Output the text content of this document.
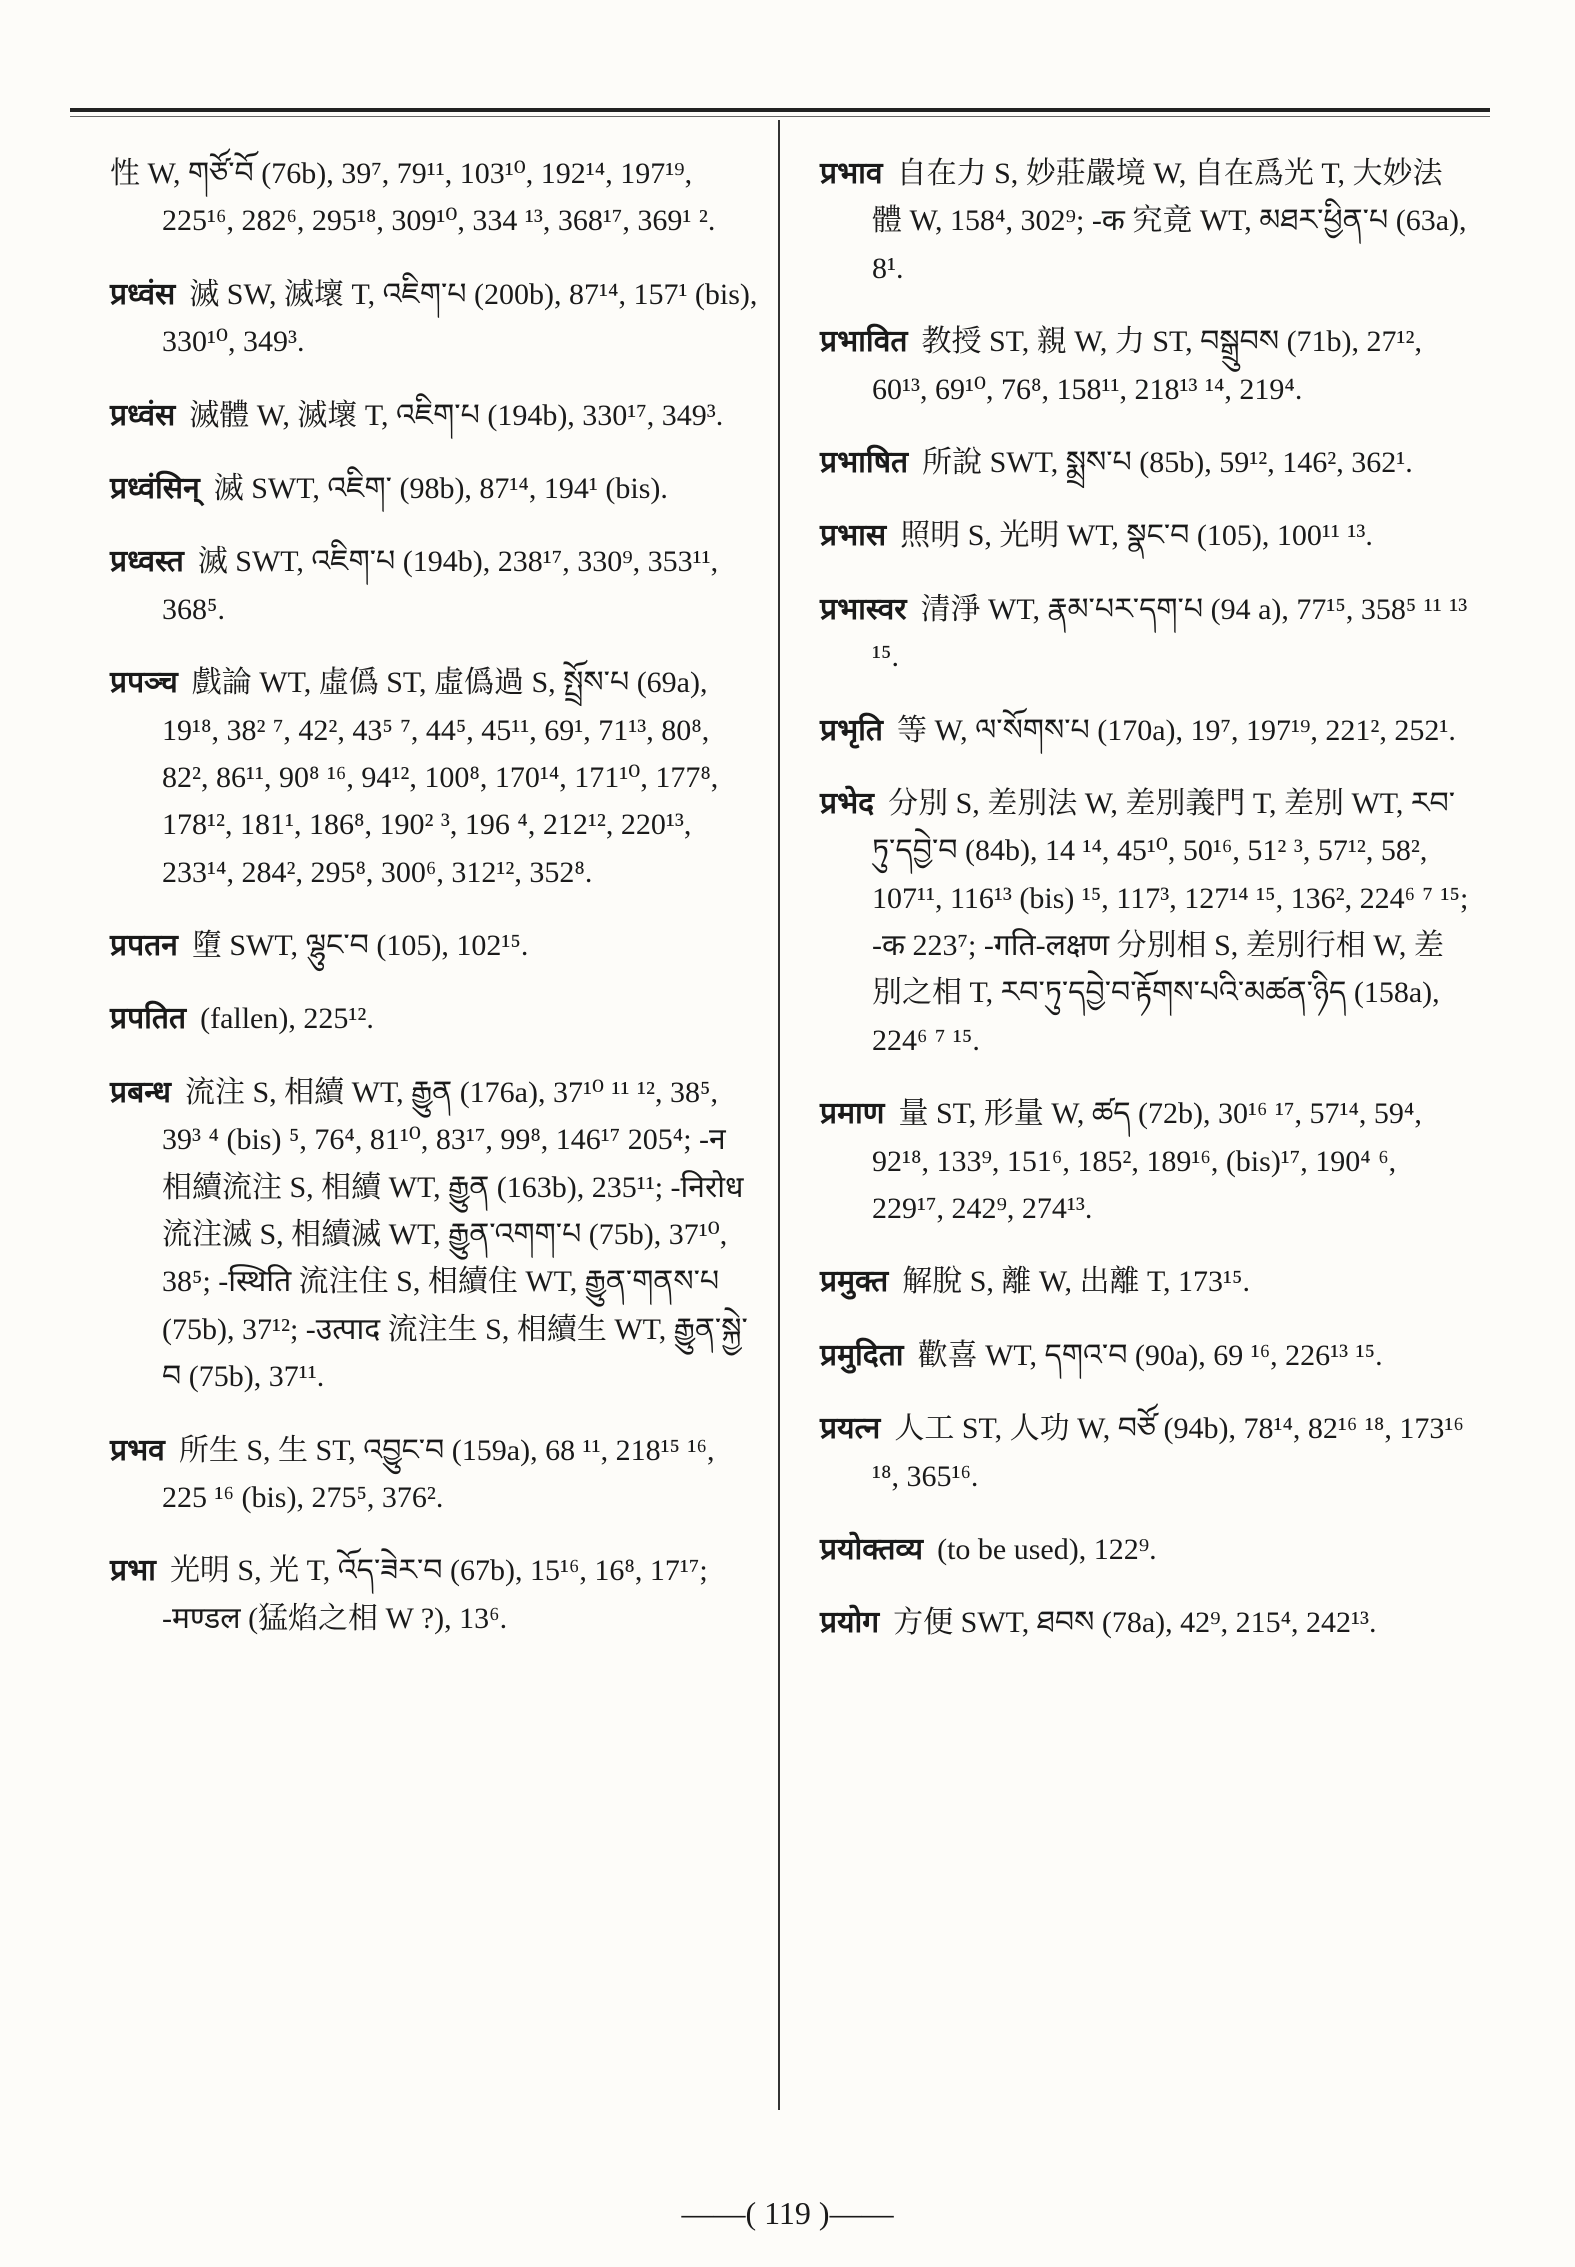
性 W, གཙོ་བོ (76b), 39⁷, 79¹¹, 103¹⁰, 192¹⁴, 197¹⁹, 225¹⁶, 282⁶, 295¹⁸, 309¹⁰, 334 ¹³, 368¹⁷, 369¹ ².
प्रध्वंस 滅 SW, 滅壞 T, འཇིག་པ (200b), 87¹⁴, 157¹ (bis), 330¹⁰, 349³.
प्रध्वंस 滅體 W, 滅壞 T, འཇིག་པ (194b), 330¹⁷, 349³.
प्रध्वंसिन् 滅 SWT, འཇིག་ (98b), 87¹⁴, 194¹ (bis).
प्रध्वस्त 滅 SWT, འཇིག་པ (194b), 238¹⁷, 330⁹, 353¹¹, 368⁵.
प्रपञ्च 戲論 WT, 虛僞 ST, 虛僞過 S, སྤྲོས་པ (69a), 19¹⁸, 38² ⁷, 42², 43⁵ ⁷, 44⁵, 45¹¹, 69¹, 71¹³, 80⁸, 82², 86¹¹, 90⁸ ¹⁶, 94¹², 100⁸, 170¹⁴, 171¹⁰, 177⁸, 178¹², 181¹, 186⁸, 190² ³, 196 ⁴, 212¹², 220¹³, 233¹⁴, 284², 295⁸, 300⁶, 312¹², 352⁸.
प्रपतन 墮 SWT, ལྷུང་བ (105), 102¹⁵.
प्रपतित (fallen), 225¹².
प्रबन्ध 流注 S, 相續 WT, རྒྱུན (176a), 37¹⁰ ¹¹ ¹², 38⁵, 39³ ⁴ (bis) ⁵, 76⁴, 81¹⁰, 83¹⁷, 99⁸, 146¹⁷ 205⁴; -न 相續流注 S, 相續 WT, རྒྱུན (163b), 235¹¹; -निरोध 流注滅 S, 相續滅 WT, རྒྱུན་འགག་པ (75b), 37¹⁰, 38⁵; -स्थिति 流注住 S, 相續住 WT, རྒྱུན་གནས་པ (75b), 37¹²; -उत्पाद 流注生 S, 相續生 WT, རྒྱུན་སྐྱེ་བ (75b), 37¹¹.
प्रभव 所生 S, 生 ST, འབྱུང་བ (159a), 68 ¹¹, 218¹⁵ ¹⁶, 225 ¹⁶ (bis), 275⁵, 376².
प्रभा 光明 S, 光 T, འོད་ཟེར་བ (67b), 15¹⁶, 16⁸, 17¹⁷; -मण्डल (猛焰之相 W ?), 13⁶.
प्रभाव 自在力 S, 妙莊嚴境 W, 自在爲光 T, 大妙法體 W, 158⁴, 302⁹; -क 究竟 WT, མཐར་ཕྱིན་པ (63a), 8¹.
प्रभावित 教授 ST, 親 W, 力 ST, བསྒྲུབས (71b), 27¹², 60¹³, 69¹⁰, 76⁸, 158¹¹, 218¹³ ¹⁴, 219⁴.
प्रभाषित 所說 SWT, སྨྲས་པ (85b), 59¹², 146², 362¹.
प्रभास 照明 S, 光明 WT, སྣང་བ (105), 100¹¹ ¹³.
प्रभास्वर 清淨 WT, རྣམ་པར་དག་པ (94 a), 77¹⁵, 358⁵ ¹¹ ¹³ ¹⁵.
प्रभृति 等 W, ལ་སོགས་པ (170a), 19⁷, 197¹⁹, 221², 252¹.
प्रभेद 分別 S, 差別法 W, 差別義門 T, 差別 WT, རབ་ཏུ་དབྱེ་བ (84b), 14 ¹⁴, 45¹⁰, 50¹⁶, 51² ³, 57¹², 58², 107¹¹, 116¹³ (bis) ¹⁵, 117³, 127¹⁴ ¹⁵, 136², 224⁶ ⁷ ¹⁵; -क 223⁷; -गति-लक्षण 分別相 S, 差別行相 W, 差別之相 T, རབ་ཏུ་དབྱེ་བ་རྟོགས་པའི་མཚན་ཉིད (158a), 224⁶ ⁷ ¹⁵.
प्रमाण 量 ST, 形量 W, ཚད (72b), 30¹⁶ ¹⁷, 57¹⁴, 59⁴, 92¹⁸, 133⁹, 151⁶, 185², 189¹⁶, (bis)¹⁷, 190⁴ ⁶, 229¹⁷, 242⁹, 274¹³.
प्रमुक्त 解脫 S, 離 W, 出離 T, 173¹⁵.
प्रमुदिता 歡喜 WT, དགའ་བ (90a), 69 ¹⁶, 226¹³ ¹⁵.
प्रयत्न 人工 ST, 人功 W, བཙོ (94b), 78¹⁴, 82¹⁶ ¹⁸, 173¹⁶ ¹⁸, 365¹⁶.
प्रयोक्तव्य (to be used), 122⁹.
प्रयोग 方便 SWT, ཐབས (78a), 42⁹, 215⁴, 242¹³.
——( 119 )——
